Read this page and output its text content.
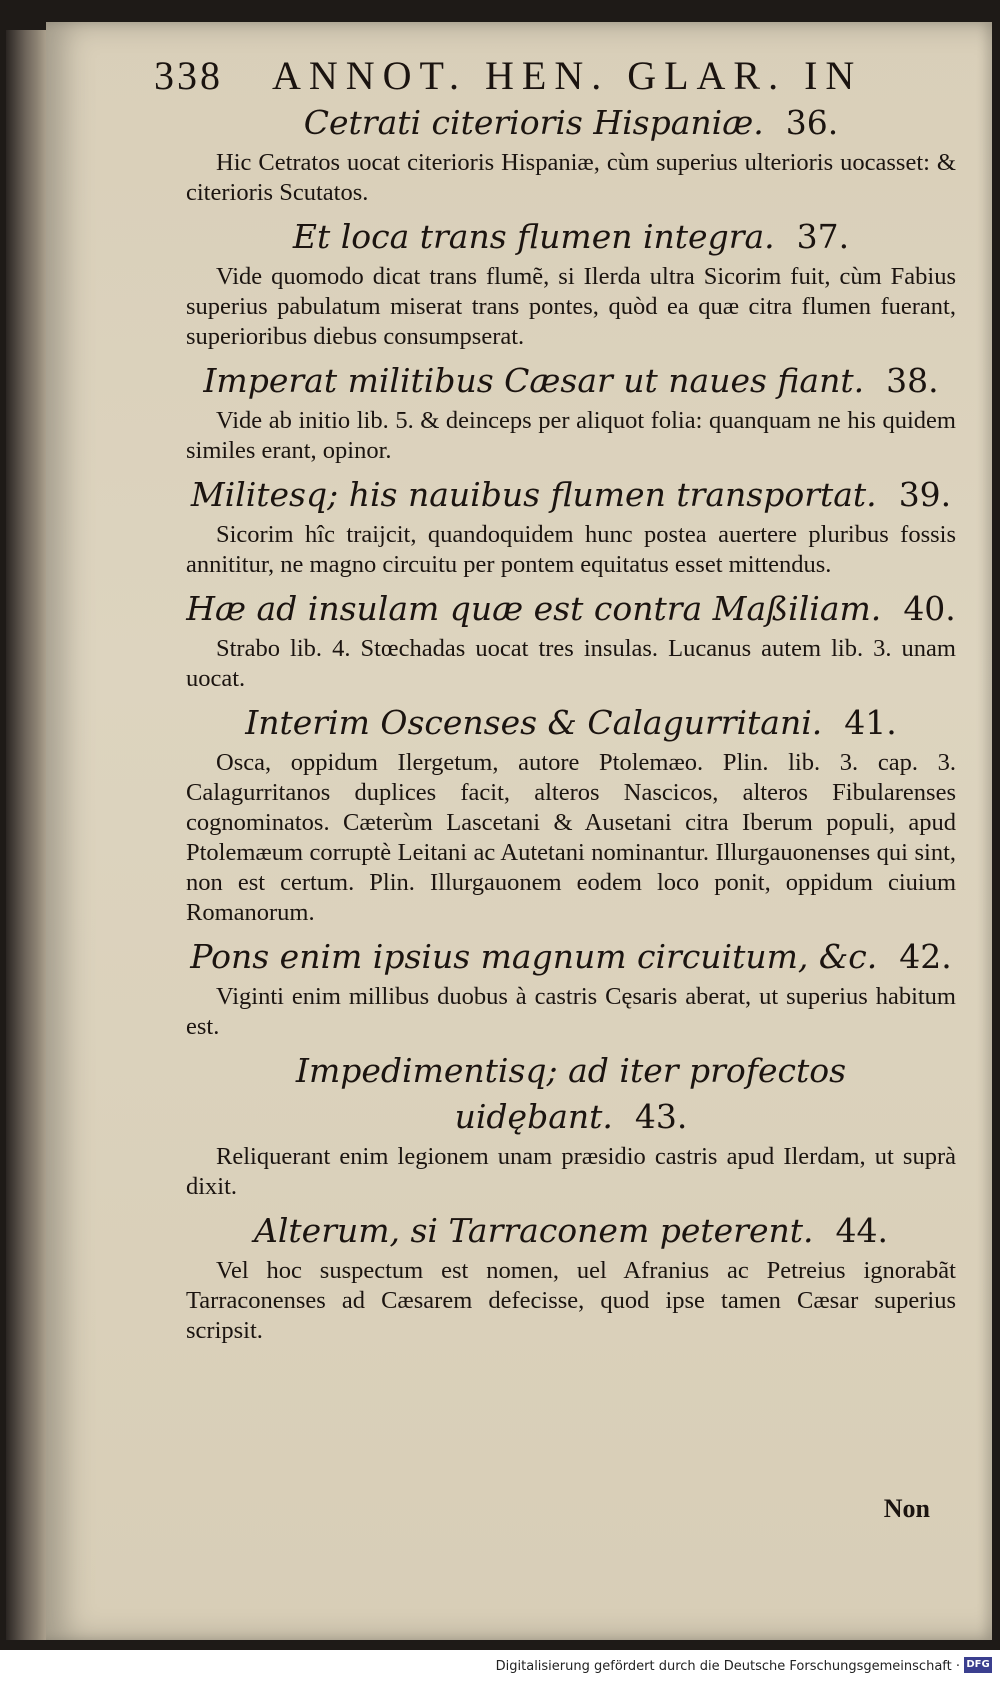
338 ANNOT. HEN. GLAR. IN

Cetrati citerioris Hispaniæ. 36.

Hic Cetratos uocat citerioris Hispaniæ, cùm superius ulterioris uocasset: & citerioris Scutatos.

Et loca trans flumen integra. 37.

Vide quomodo dicat trans flumẽ, si Ilerda ultra Sicorim fuit, cùm Fabius superius pabulatum miserat trans pontes, quòd ea quæ citra flumen fuerant, superioribus diebus consumpserat.

Imperat militibus Cæsar ut naues fiant. 38.

Vide ab initio lib. 5. & deinceps per aliquot folia: quanquam ne his quidem similes erant, opinor.

Militesq; his nauibus flumen transportat. 39.

Sicorim hîc traijcit, quandoquidem hunc postea auertere pluribus fossis annititur, ne magno circuitu per pontem equitatus esset mittendus.

Hæ ad insulam quæ est contra Maßiliam. 40.

Strabo lib. 4. Stœchadas uocat tres insulas. Lucanus autem lib. 3. unam uocat.

Interim Oscenses & Calagurritani. 41.

Osca, oppidum Ilergetum, autore Ptolemæo. Plin. lib. 3. cap. 3. Calagurritanos duplices facit, alteros Nascicos, alteros Fibularenses cognominatos. Cæterùm Lascetani & Ausetani citra Iberum populi, apud Ptolemæum corruptè Leitani ac Autetani nominantur. Illurgauonenses qui sint, non est certum. Plin. Illurgauonem eodem loco ponit, oppidum ciuium Romanorum.

Pons enim ipsius magnum circuitum, &c. 42.

Viginti enim millibus duobus à castris Cęsaris aberat, ut superius habitum est.

Impedimentisq; ad iter profectos uidębant. 43.

Reliquerant enim legionem unam præsidio castris apud Ilerdam, ut suprà dixit.

Alterum, si Tarraconem peterent. 44.

Vel hoc suspectum est nomen, uel Afranius ac Petreius ignorabãt Tarraconenses ad Cæsarem defecisse, quod ipse tamen Cæsar superius scripsit.

Non
Digitalisierung gefördert durch die Deutsche Forschungsgemeinschaft · DFG
